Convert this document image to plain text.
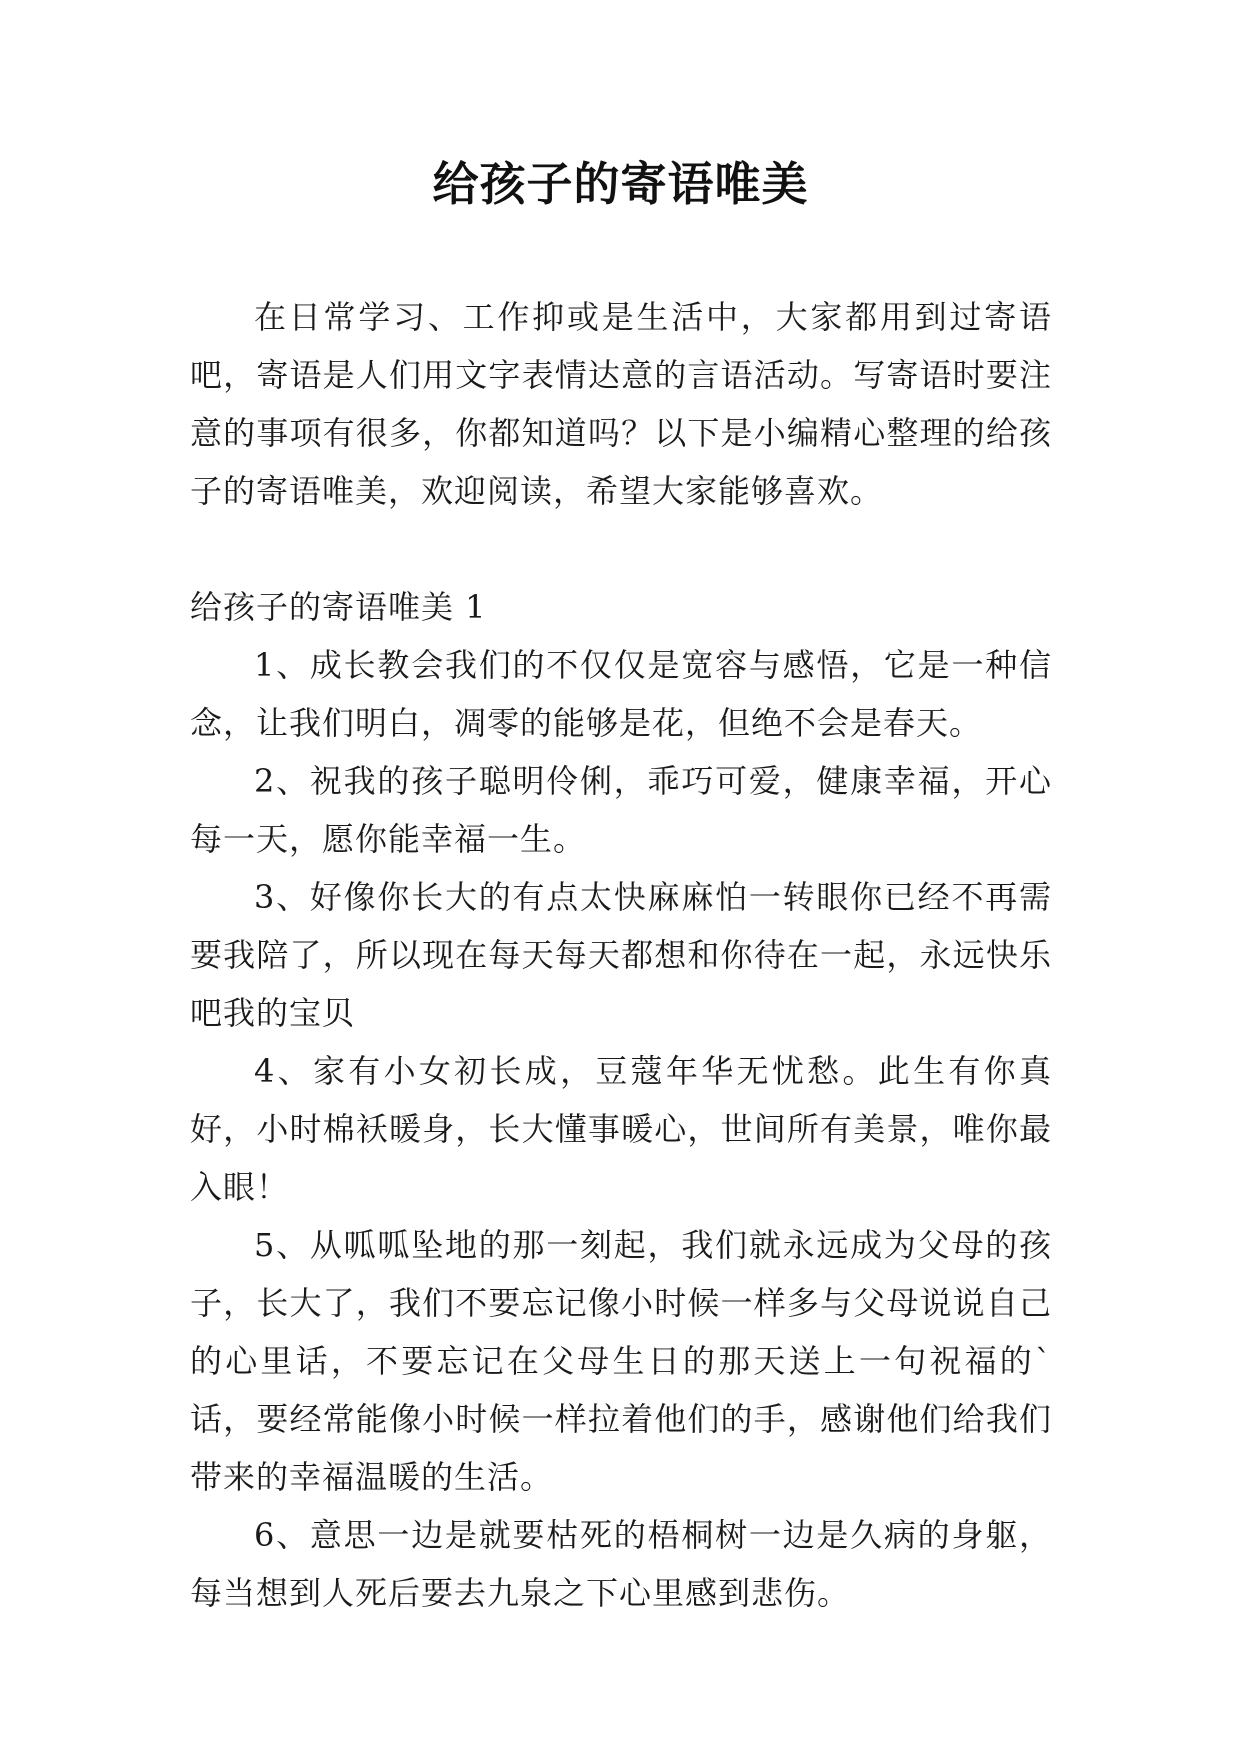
给孩子的寄语唯美

在日常学习、工作抑或是生活中，大家都用到过寄语吧，寄语是人们用文字表情达意的言语活动。写寄语时要注意的事项有很多，你都知道吗？以下是小编精心整理的给孩子的寄语唯美，欢迎阅读，希望大家能够喜欢。

给孩子的寄语唯美 1

1、成长教会我们的不仅仅是宽容与感悟，它是一种信念，让我们明白，凋零的能够是花，但绝不会是春天。

2、祝我的孩子聪明伶俐，乖巧可爱，健康幸福，开心每一天，愿你能幸福一生。

3、好像你长大的有点太快麻麻怕一转眼你已经不再需要我陪了，所以现在每天每天都想和你待在一起，永远快乐吧我的宝贝

4、家有小女初长成，豆蔻年华无忧愁。此生有你真好，小时棉袄暖身，长大懂事暖心，世间所有美景，唯你最入眼！

5、从呱呱坠地的那一刻起，我们就永远成为父母的孩子，长大了，我们不要忘记像小时候一样多与父母说说自己的心里话，不要忘记在父母生日的那天送上一句祝福的`话，要经常能像小时候一样拉着他们的手，感谢他们给我们带来的幸福温暖的生活。

6、意思一边是就要枯死的梧桐树一边是久病的身躯，每当想到人死后要去九泉之下心里感到悲伤。
